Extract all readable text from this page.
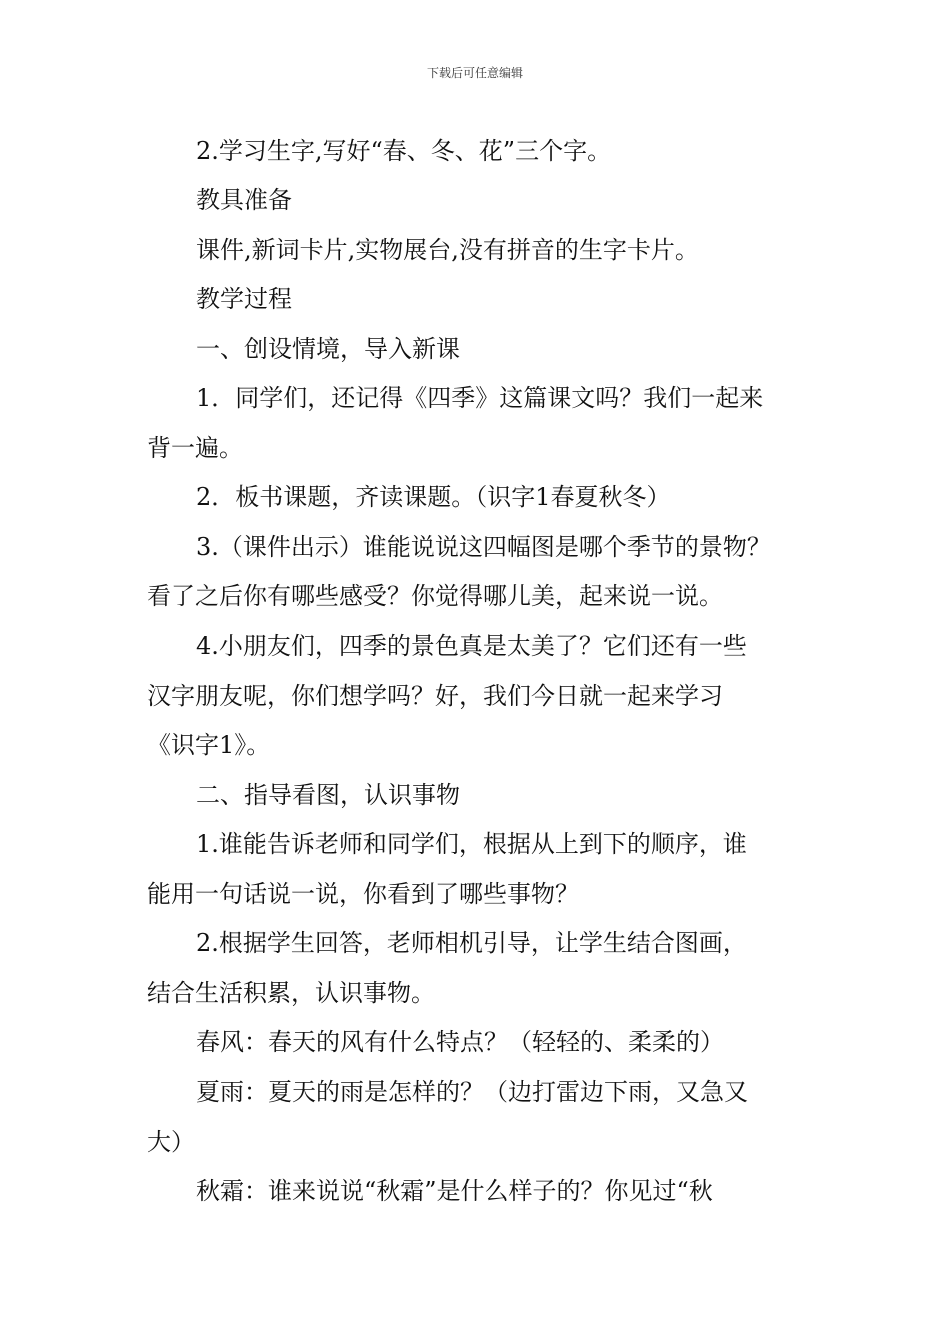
下载后可任意编辑
2.学习生字,写好“春、冬、花”三个字。
教具准备
课件,新词卡片,实物展台,没有拼音的生字卡片。
教学过程
一、创设情境，导入新课
1．同学们，还记得《四季》这篇课文吗？我们一起来
背一遍。
2．板书课题，齐读课题。（识字1春夏秋冬）
3.（课件出示）谁能说说这四幅图是哪个季节的景物？
看了之后你有哪些感受？你觉得哪儿美，起来说一说。
4.小朋友们，四季的景色真是太美了？它们还有一些
汉字朋友呢，你们想学吗？好，我们今日就一起来学习
《识字1》。
二、指导看图，认识事物
1.谁能告诉老师和同学们，根据从上到下的顺序，谁
能用一句话说一说，你看到了哪些事物？
2.根据学生回答，老师相机引导，让学生结合图画，
结合生活积累，认识事物。
春风：春天的风有什么特点？（轻轻的、柔柔的）
夏雨：夏天的雨是怎样的？（边打雷边下雨，又急又
大）
秋霜：谁来说说“秋霜”是什么样子的？你见过“秋
